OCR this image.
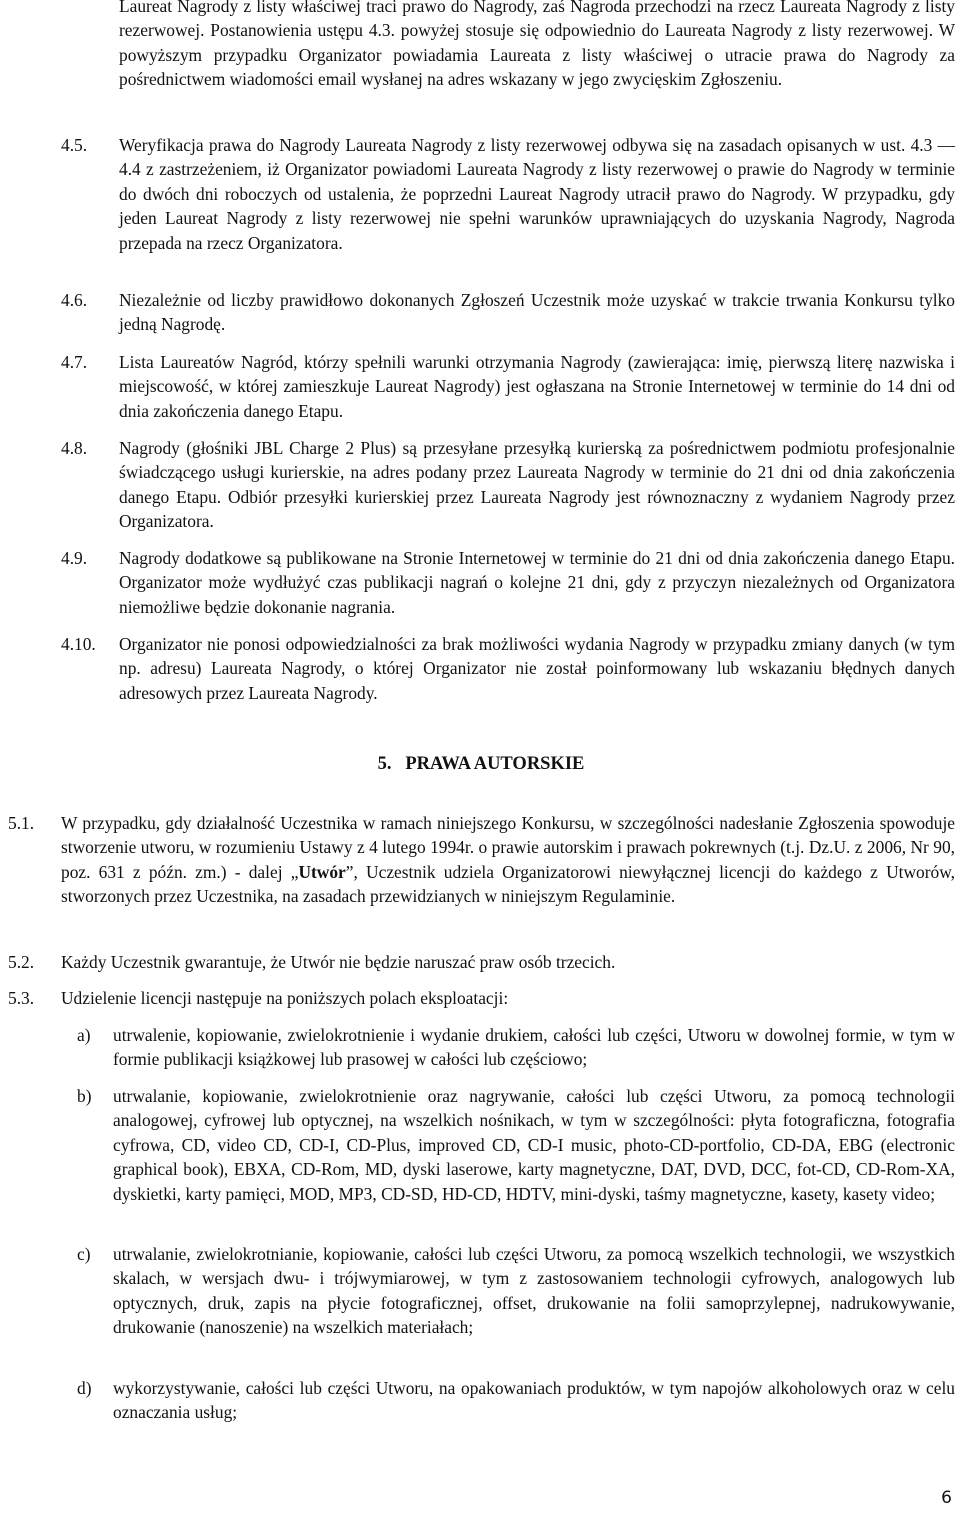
Laureat Nagrody z listy właściwej traci prawo do Nagrody, zaś Nagroda przechodzi na rzecz Laureata Nagrody z listy rezerwowej. Postanowienia ustępu 4.3. powyżej stosuje się odpowiednio do Laureata Nagrody z listy rezerwowej. W powyższym przypadku Organizator powiadamia Laureata z listy właściwej o utracie prawa do Nagrody za pośrednictwem wiadomości email wysłanej na adres wskazany w jego zwycięskim Zgłoszeniu.
4.5. Weryfikacja prawa do Nagrody Laureata Nagrody z listy rezerwowej odbywa się na zasadach opisanych w ust. 4.3 — 4.4 z zastrzeżeniem, iż Organizator powiadomi Laureata Nagrody z listy rezerwowej o prawie do Nagrody w terminie do dwóch dni roboczych od ustalenia, że poprzedni Laureat Nagrody utracił prawo do Nagrody. W przypadku, gdy jeden Laureat Nagrody z listy rezerwowej nie spełni warunków uprawniających do uzyskania Nagrody, Nagroda przepada na rzecz Organizatora.
4.6. Niezależnie od liczby prawidłowo dokonanych Zgłoszeń Uczestnik może uzyskać w trakcie trwania Konkursu tylko jedną Nagrodę.
4.7. Lista Laureatów Nagród, którzy spełnili warunki otrzymania Nagrody (zawierająca: imię, pierwszą literę nazwiska i miejscowość, w której zamieszkuje Laureat Nagrody) jest ogłaszana na Stronie Internetowej w terminie do 14 dni od dnia zakończenia danego Etapu.
4.8. Nagrody (głośniki JBL Charge 2 Plus) są przesyłane przesyłką kurierską za pośrednictwem podmiotu profesjonalnie świadczącego usługi kurierskie, na adres podany przez Laureata Nagrody w terminie do 21 dni od dnia zakończenia danego Etapu. Odbiór przesyłki kurierskiej przez Laureata Nagrody jest równoznaczny z wydaniem Nagrody przez Organizatora.
4.9. Nagrody dodatkowe są publikowane na Stronie Internetowej w terminie do 21 dni od dnia zakończenia danego Etapu. Organizator może wydłużyć czas publikacji nagrań o kolejne 21 dni, gdy z przyczyn niezależnych od Organizatora niemożliwe będzie dokonanie nagrania.
4.10. Organizator nie ponosi odpowiedzialności za brak możliwości wydania Nagrody w przypadku zmiany danych (w tym np. adresu) Laureata Nagrody, o której Organizator nie został poinformowany lub wskazaniu błędnych danych adresowych przez Laureata Nagrody.
5.   PRAWA AUTORSKIE
5.1. W przypadku, gdy działalność Uczestnika w ramach niniejszego Konkursu, w szczególności nadesłanie Zgłoszenia spowoduje stworzenie utworu, w rozumieniu Ustawy z 4 lutego 1994r. o prawie autorskim i prawach pokrewnych (t.j. Dz.U. z 2006, Nr 90, poz. 631 z późn. zm.) - dalej „Utwór”, Uczestnik udziela Organizatorowi niewyłącznej licencji do każdego z Utworów, stworzonych przez Uczestnika, na zasadach przewidzianych w niniejszym Regulaminie.
5.2. Każdy Uczestnik gwarantuje, że Utwór nie będzie naruszać praw osób trzecich.
5.3. Udzielenie licencji następuje na poniższych polach eksploatacji:
a) utrwalenie, kopiowanie, zwielokrotnienie i wydanie drukiem, całości lub części, Utworu w dowolnej formie, w tym w formie publikacji książkowej lub prasowej w całości lub częściowo;
b) utrwalanie, kopiowanie, zwielokrotnienie oraz nagrywanie, całości lub części Utworu, za pomocą technologii analogowej, cyfrowej lub optycznej, na wszelkich nośnikach, w tym w szczególności: płyta fotograficzna, fotografia cyfrowa, CD, video CD, CD-I, CD-Plus, improved CD, CD-I music, photo-CD-portfolio, CD-DA, EBG (electronic graphical book), EBXA, CD-Rom, MD, dyski laserowe, karty magnetyczne, DAT, DVD, DCC, fot-CD, CD-Rom-XA, dyskietki, karty pamięci, MOD, MP3, CD-SD, HD-CD, HDTV, mini-dyski, taśmy magnetyczne, kasety, kasety video;
c) utrwalanie, zwielokrotnianie, kopiowanie, całości lub części Utworu, za pomocą wszelkich technologii, we wszystkich skalach, w wersjach dwu- i trójwymiarowej, w tym z zastosowaniem technologii cyfrowych, analogowych lub optycznych, druk, zapis na płycie fotograficznej, offset, drukowanie na folii samoprzylepnej, nadrukowywanie, drukowanie (nanoszenie) na wszelkich materiałach;
d) wykorzystywanie, całości lub części Utworu, na opakowaniach produktów, w tym napojów alkoholowych oraz w celu oznaczania usług;
6
